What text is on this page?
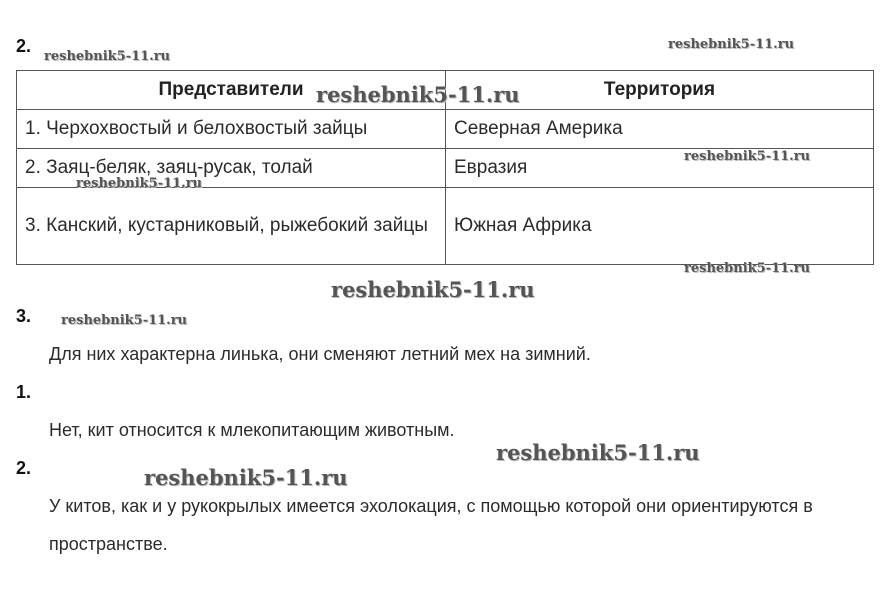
2.
Представители	Территория
1. Черхохвостый и белохвостый зайцы	Северная Америка
2. Заяц-беляк, заяц-русак, толай	Евразия
3. Канский, кустарниковый, рыжебокий зайцы	Южная Африка
3.
Для них характерна линька, они сменяют летний мех на зимний.
1.
Нет, кит относится к млекопитающим животным.
2.
У китов, как и у рукокрылых имеется эхолокация, с помощью которой они ориентируются в пространстве.
reshebnik5-11.ru
reshebnik5-11.ru
reshebnik5-11.ru
reshebnik5-11.ru
reshebnik5-11.ru
reshebnik5-11.ru
reshebnik5-11.ru
reshebnik5-11.ru
reshebnik5-11.ru
reshebnik5-11.ru
